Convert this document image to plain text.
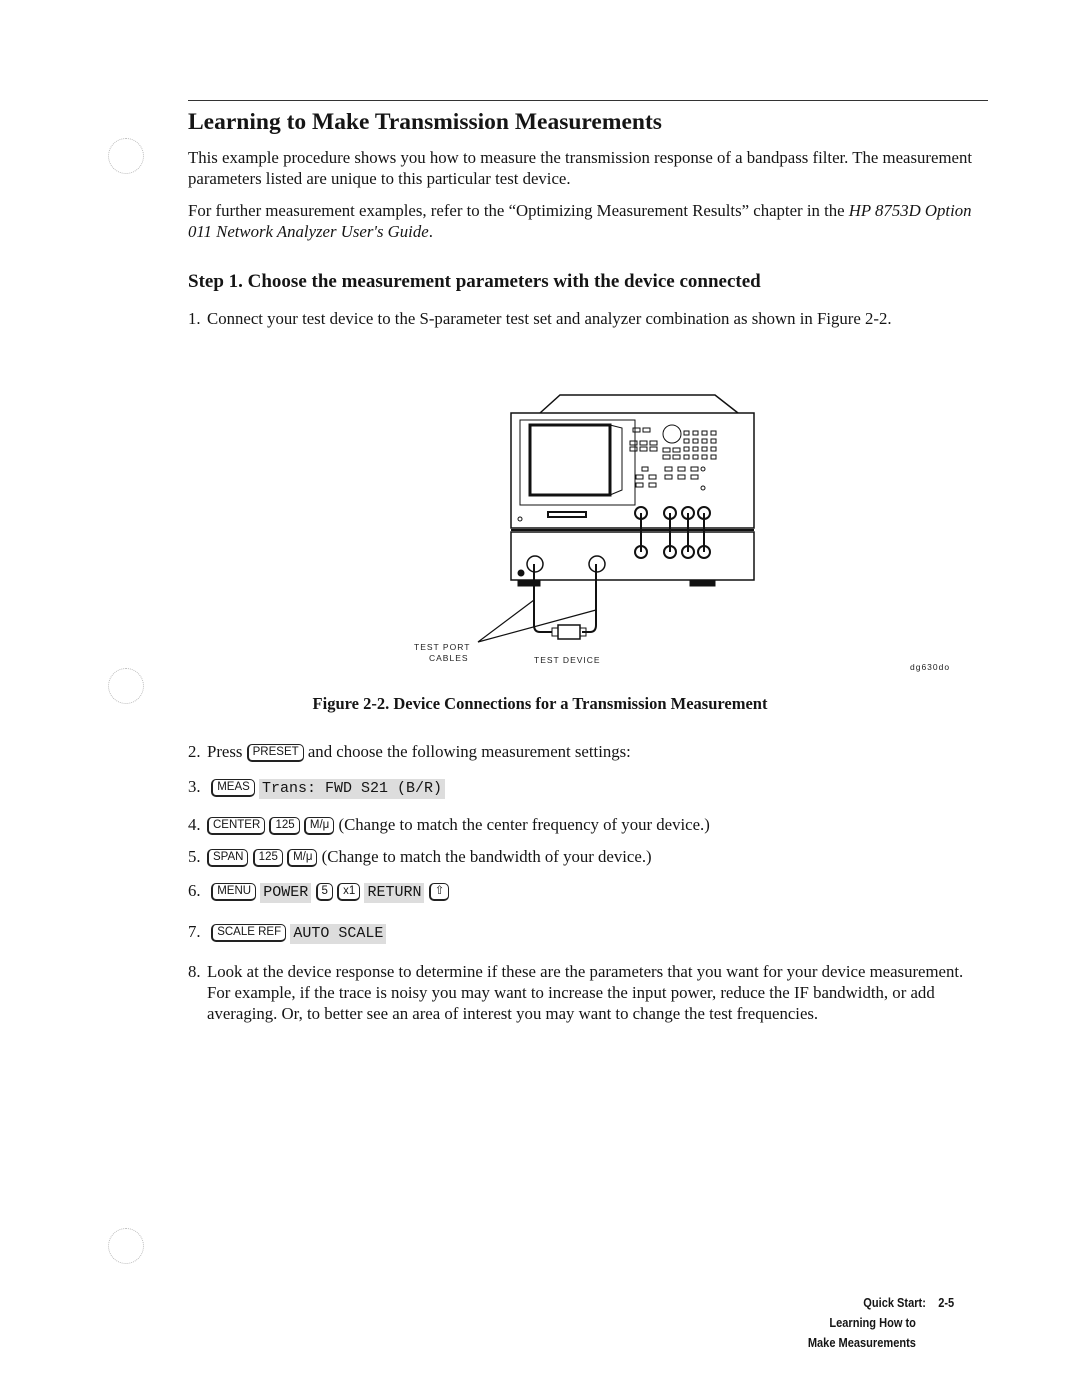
Learning to Make Transmission Measurements
This example procedure shows you how to measure the transmission response of a bandpass filter. The measurement parameters listed are unique to this particular test device.
For further measurement examples, refer to the “Optimizing Measurement Results” chapter in the HP 8753D Option 011 Network Analyzer User's Guide.
Step 1. Choose the measurement parameters with the device connected
1. Connect your test device to the S-parameter test set and analyzer combination as shown in Figure 2-2.
TEST PORT
CABLES	TEST DEVICE
dg630do
Figure 2-2. Device Connections for a Transmission Measurement
2. Press PRESET and choose the following measurement settings:
3. MEAS Trans: FWD S21 (B/R)
4. CENTER 125 M/μ (Change to match the center frequency of your device.)
5. SPAN 125 M/μ (Change to match the bandwidth of your device.)
6. MENU POWER 5 x1 RETURN ⇧
7. SCALE REF AUTO SCALE
8. Look at the device response to determine if these are the parameters that you want for your device measurement. For example, if the trace is noisy you may want to increase the input power, reduce the IF bandwidth, or add averaging. Or, to better see an area of interest you may want to change the test frequencies.
Quick Start: 2-5
Learning How to
Make Measurements
